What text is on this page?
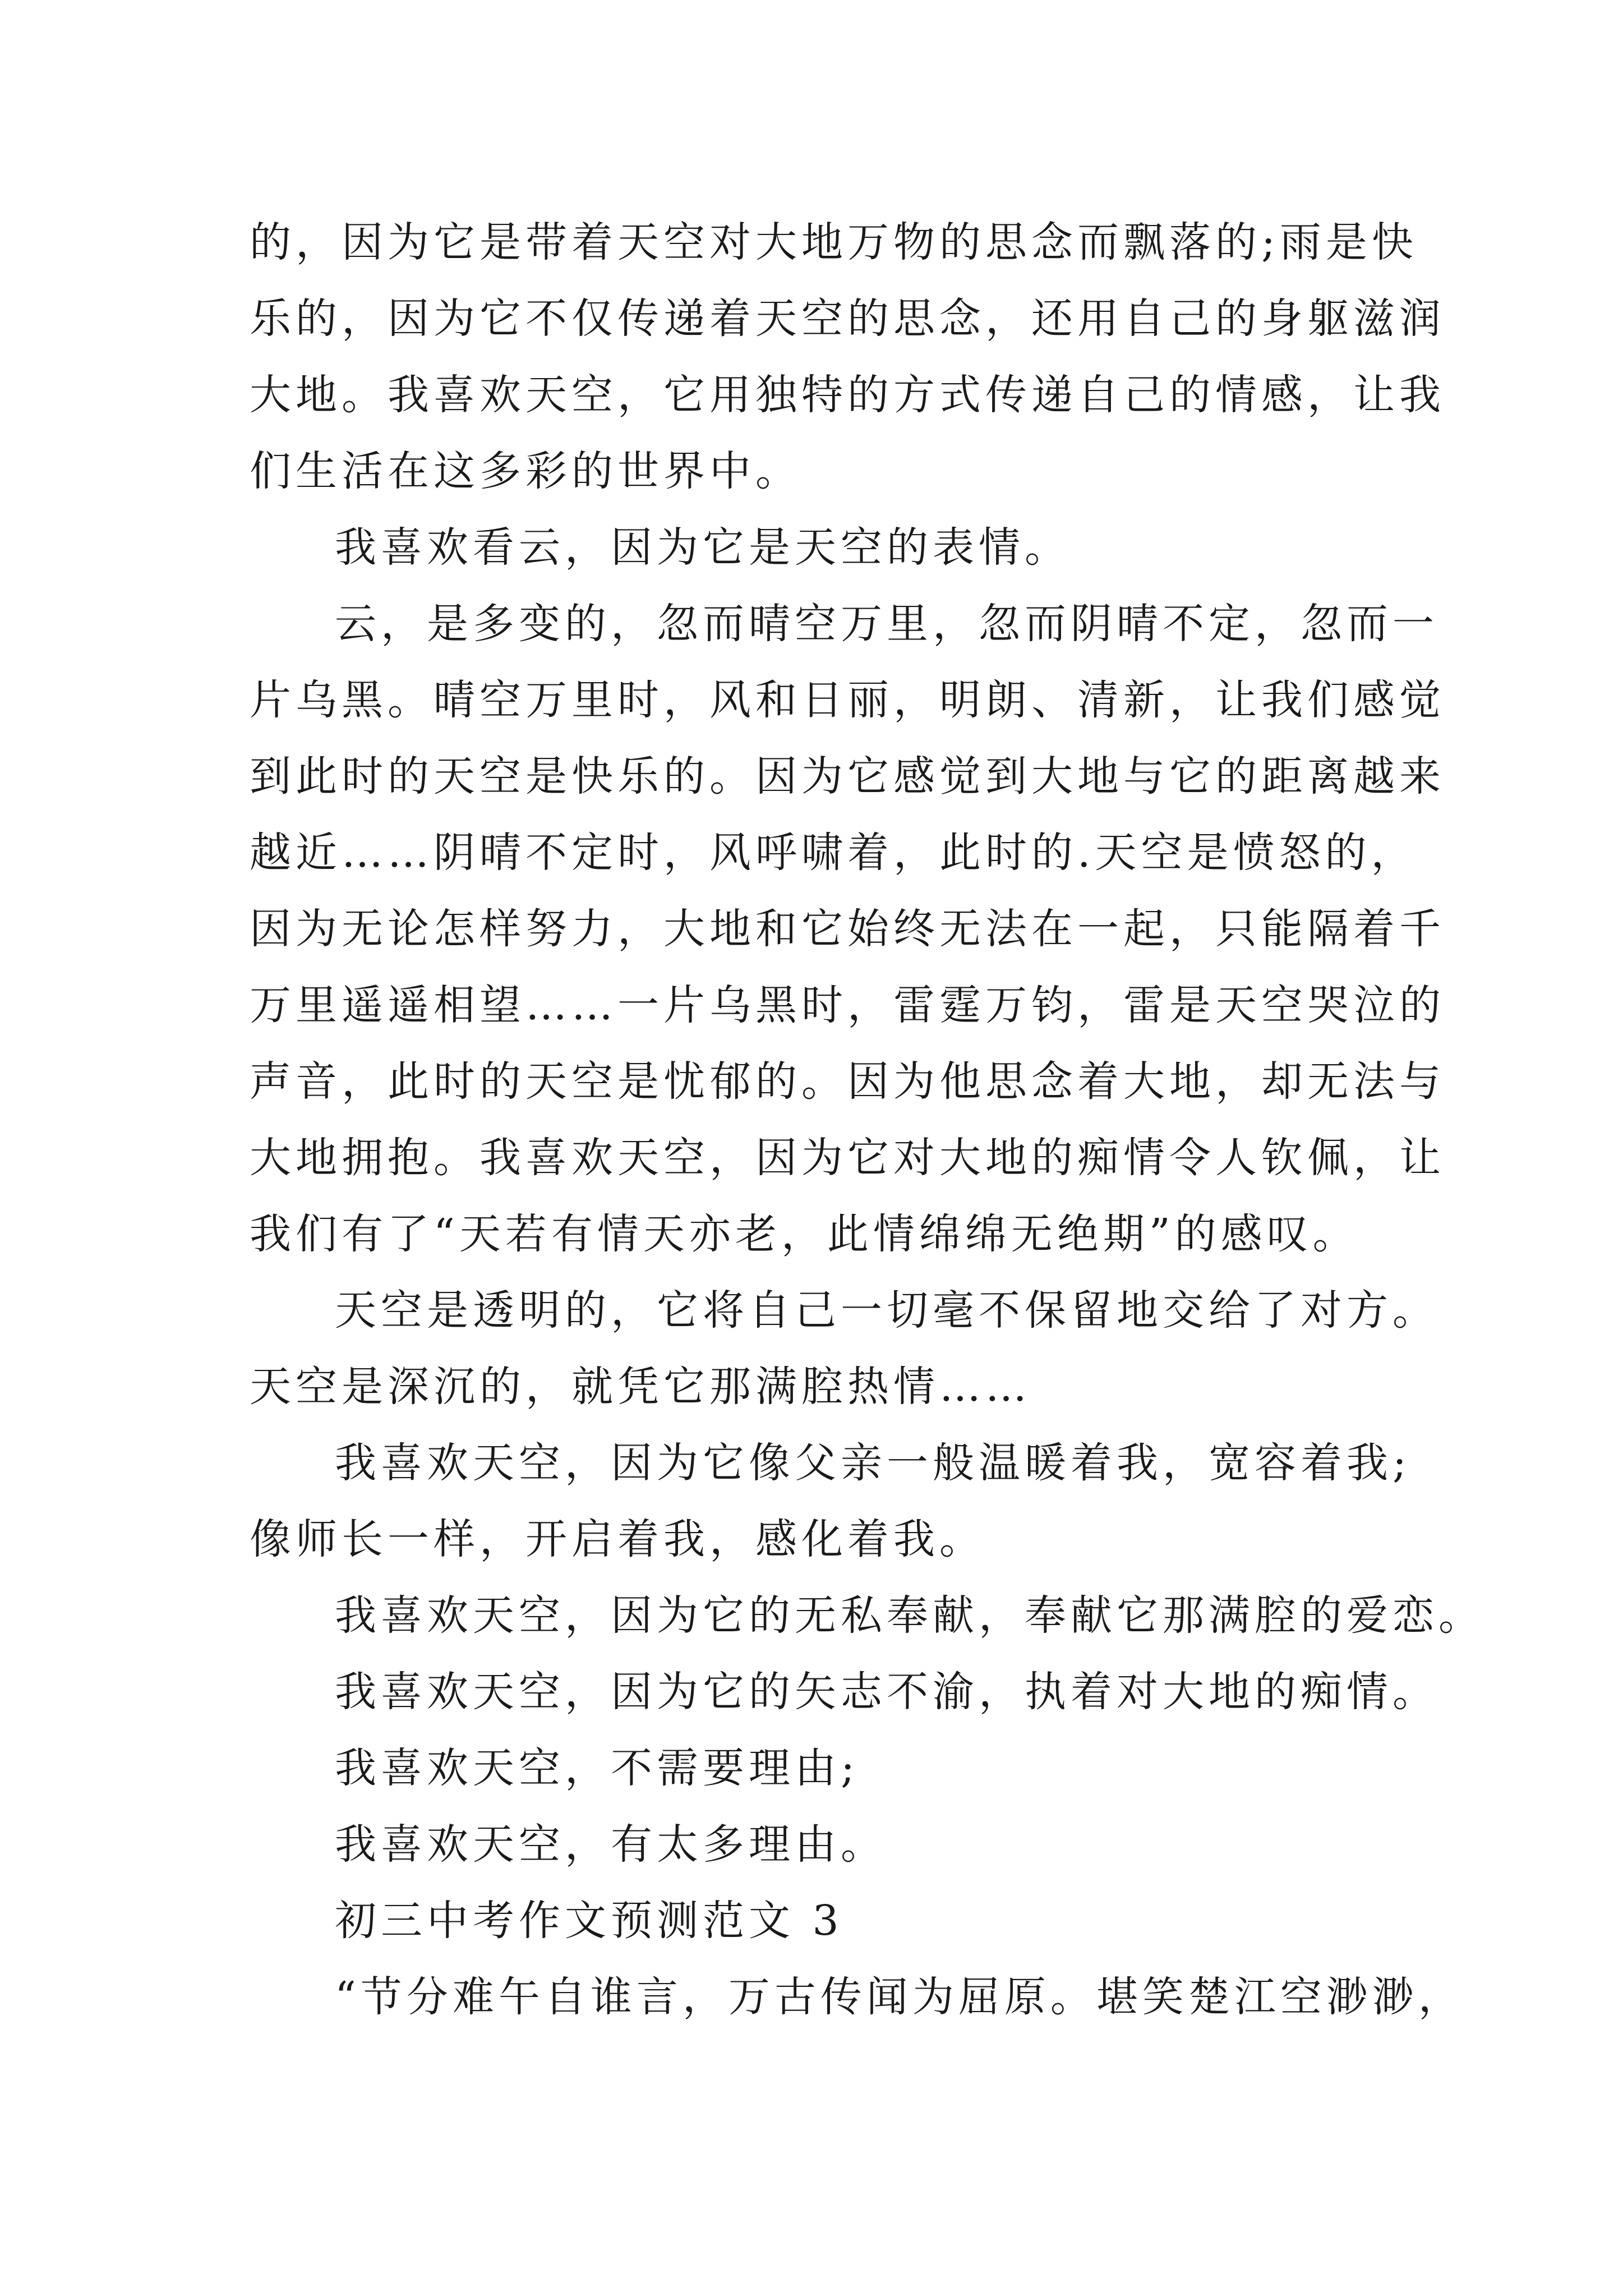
的，因为它是带着天空对大地万物的思念而飘落的;雨是快
乐的，因为它不仅传递着天空的思念，还用自己的身躯滋润
大地。我喜欢天空，它用独特的方式传递自己的情感，让我
们生活在这多彩的世界中。
我喜欢看云，因为它是天空的表情。
云，是多变的，忽而晴空万里，忽而阴晴不定，忽而一
片乌黑。晴空万里时，风和日丽，明朗、清新，让我们感觉
到此时的天空是快乐的。因为它感觉到大地与它的距离越来
越近……阴晴不定时，风呼啸着，此时的.天空是愤怒的，
因为无论怎样努力，大地和它始终无法在一起，只能隔着千
万里遥遥相望……一片乌黑时，雷霆万钧，雷是天空哭泣的
声音，此时的天空是忧郁的。因为他思念着大地，却无法与
大地拥抱。我喜欢天空，因为它对大地的痴情令人钦佩，让
我们有了“天若有情天亦老，此情绵绵无绝期”的感叹。
天空是透明的，它将自己一切毫不保留地交给了对方。
天空是深沉的，就凭它那满腔热情……
我喜欢天空，因为它像父亲一般温暖着我，宽容着我;
像师长一样，开启着我，感化着我。
我喜欢天空，因为它的无私奉献，奉献它那满腔的爱恋。
我喜欢天空，因为它的矢志不渝，执着对大地的痴情。
我喜欢天空，不需要理由;
我喜欢天空，有太多理由。
初三中考作文预测范文 3
“节分难午自谁言，万古传闻为屈原。堪笑楚江空渺渺，
